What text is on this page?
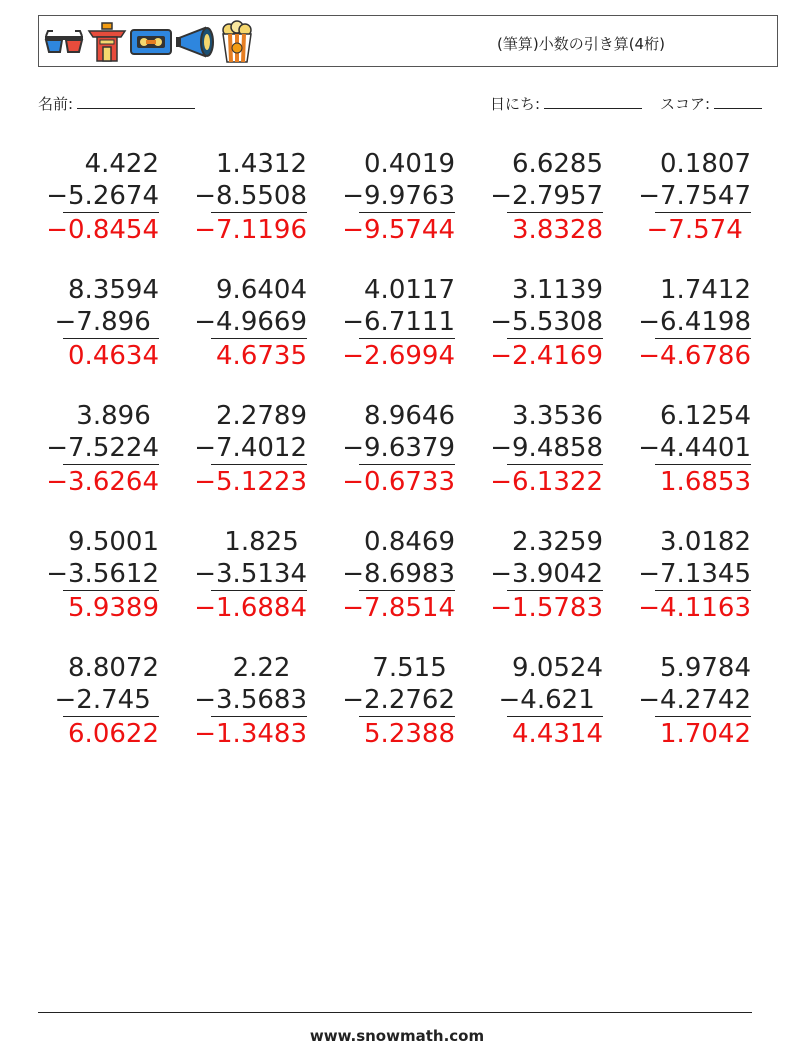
(筆算)小数の引き算(4桁)
名前:	日にち:	スコア:
4.422
−5.2674
−0.8454
1.4312
−8.5508
−7.1196
0.4019
−9.9763
−9.5744
6.6285
−2.7957
3.8328
0.1807
−7.7547
−7.574
8.3594
−7.896
0.4634
9.6404
−4.9669
4.6735
4.0117
−6.7111
−2.6994
3.1139
−5.5308
−2.4169
1.7412
−6.4198
−4.6786
3.896
−7.5224
−3.6264
2.2789
−7.4012
−5.1223
8.9646
−9.6379
−0.6733
3.3536
−9.4858
−6.1322
6.1254
−4.4401
1.6853
9.5001
−3.5612
5.9389
1.825
−3.5134
−1.6884
0.8469
−8.6983
−7.8514
2.3259
−3.9042
−1.5783
3.0182
−7.1345
−4.1163
8.8072
−2.745
6.0622
2.22
−3.5683
−1.3483
7.515
−2.2762
5.2388
9.0524
−4.621
4.4314
5.9784
−4.2742
1.7042
www.snowmath.com
